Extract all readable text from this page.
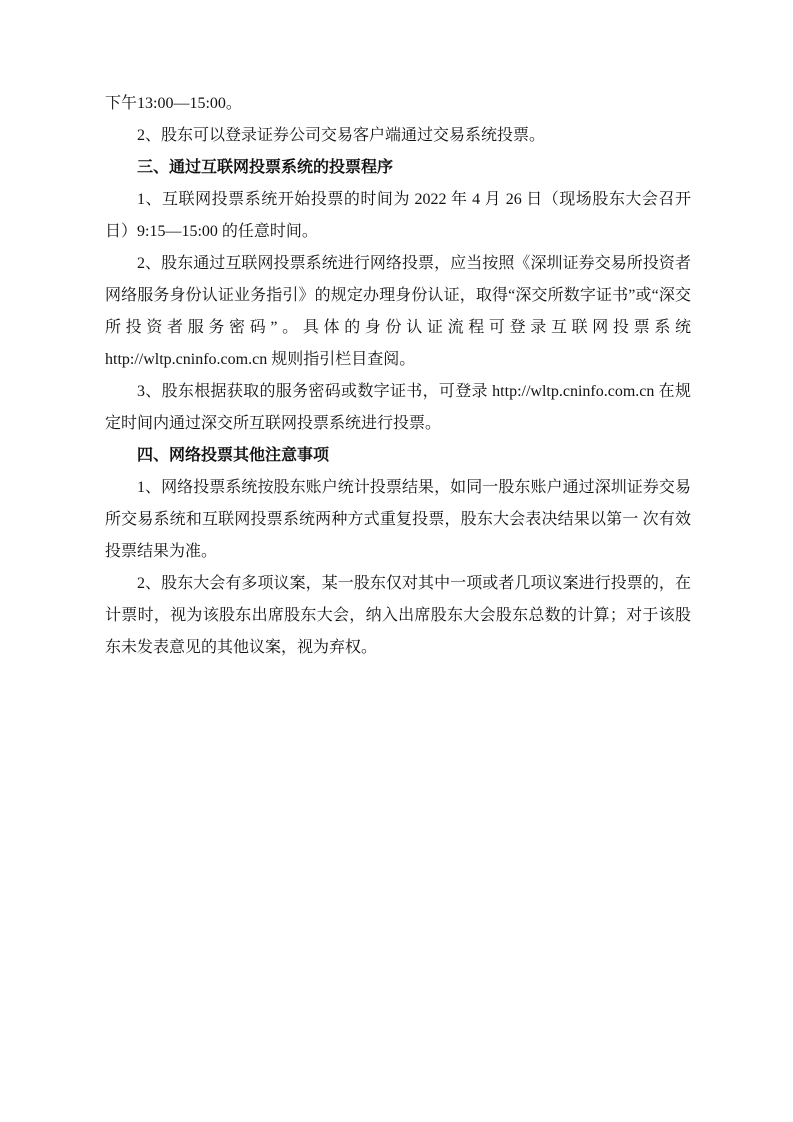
下午13:00—15:00。

2、股东可以登录证券公司交易客户端通过交易系统投票。

三、通过互联网投票系统的投票程序

1、互联网投票系统开始投票的时间为 2022 年 4 月 26 日（现场股东大会召开日）9:15—15:00 的任意时间。

2、股东通过互联网投票系统进行网络投票，应当按照《深圳证券交易所投资者网络服务身份认证业务指引》的规定办理身份认证，取得“深交所数字证书”或“深交所投资者服务密码”。具体的身份认证流程可登录互联网投票系统 http://wltp.cninfo.com.cn 规则指引栏目查阅。

3、股东根据获取的服务密码或数字证书，可登录 http://wltp.cninfo.com.cn 在规定时间内通过深交所互联网投票系统进行投票。

四、网络投票其他注意事项

1、网络投票系统按股东账户统计投票结果，如同一股东账户通过深圳证券交易所交易系统和互联网投票系统两种方式重复投票，股东大会表决结果以第一 次有效投票结果为准。

2、股东大会有多项议案，某一股东仅对其中一项或者几项议案进行投票的，在计票时，视为该股东出席股东大会，纳入出席股东大会股东总数的计算；对于该股东未发表意见的其他议案，视为弃权。
